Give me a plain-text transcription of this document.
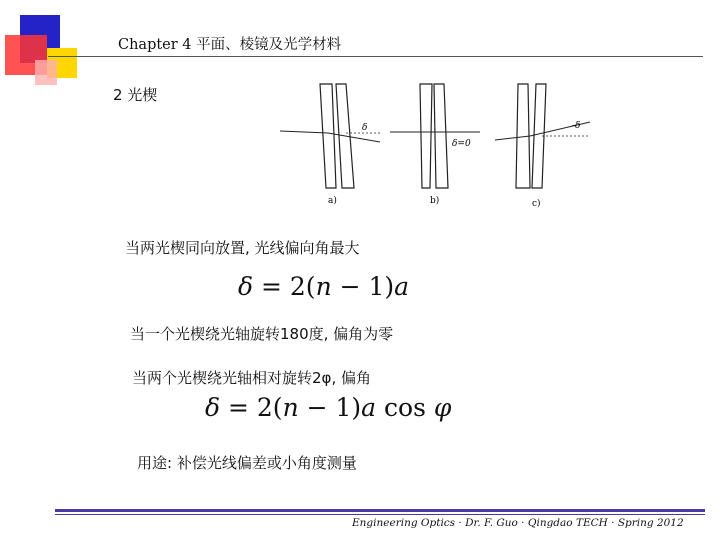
Chapter 4 平面、棱镜及光学材料
2 光楔
δ
a)
δ=0
b)
-δ
c)
当两光楔同向放置, 光线偏向角最大
δ = 2(n − 1)a
当一个光楔绕光轴旋转180度, 偏角为零
当两个光楔绕光轴相对旋转2φ, 偏角
δ = 2(n − 1)a cos φ
用途: 补偿光线偏差或小角度测量
Engineering Optics · Dr. F. Guo · Qingdao TECH · Spring 2012
